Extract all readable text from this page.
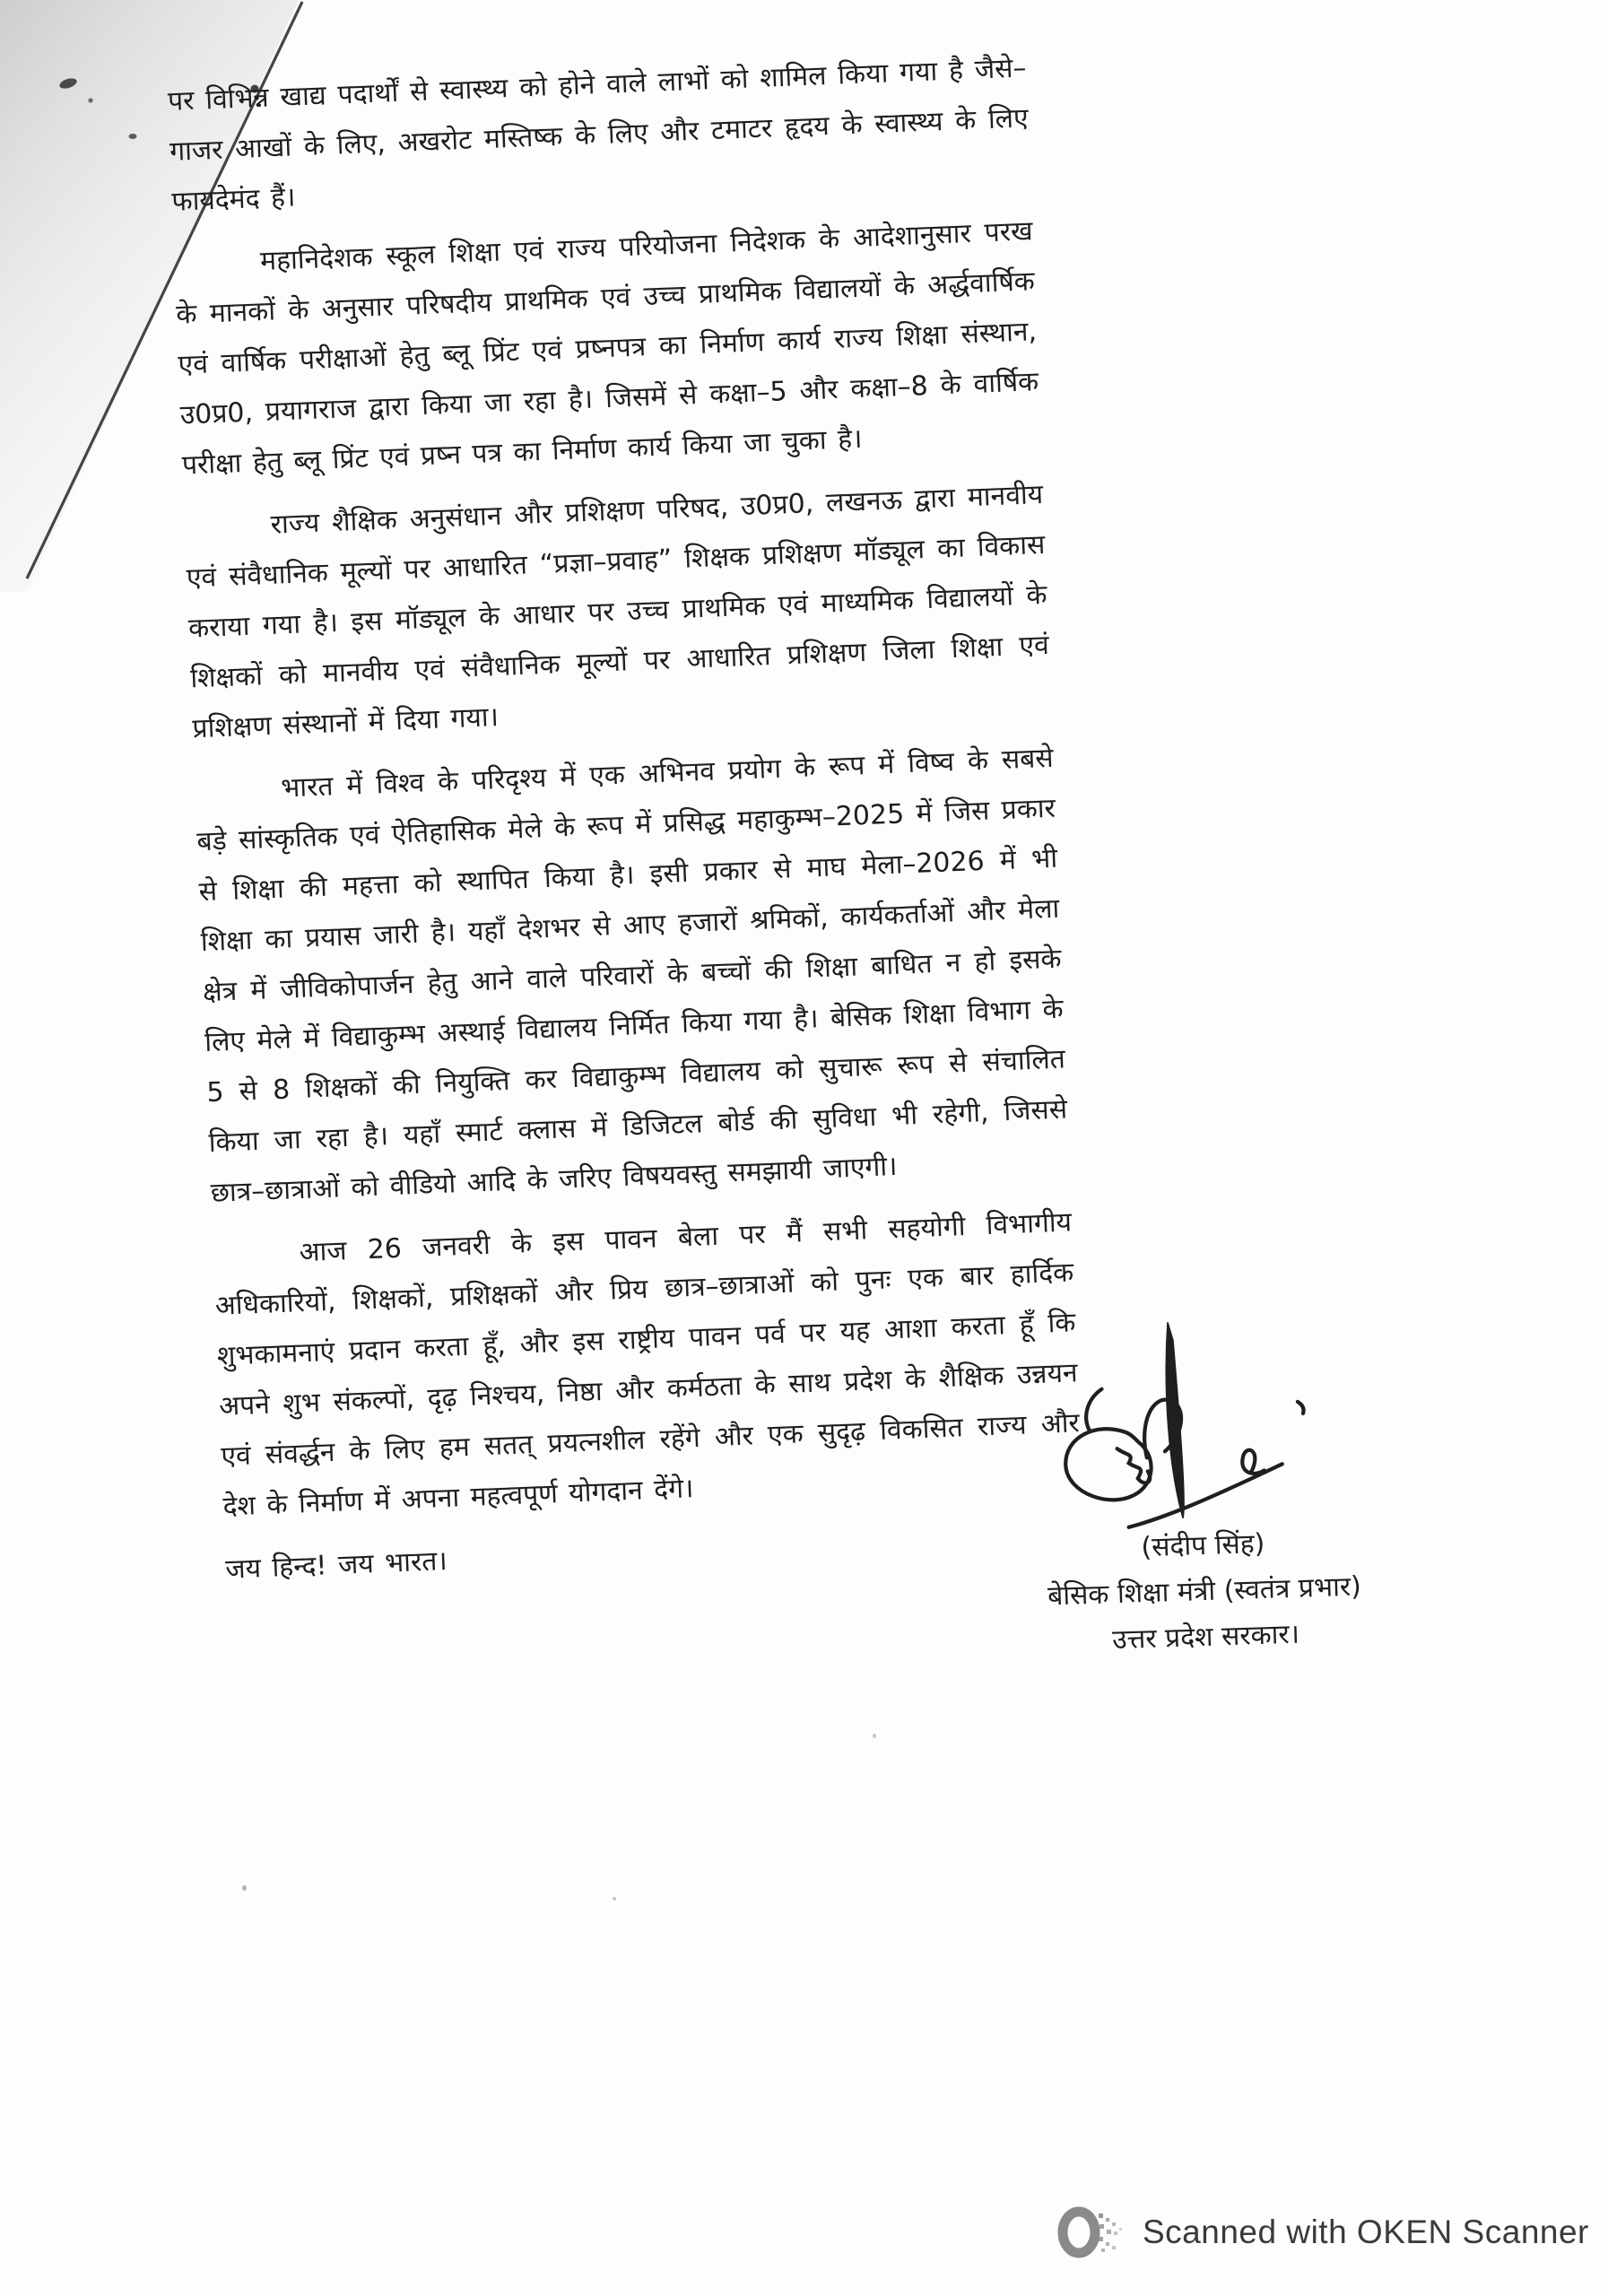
पर विभिन्न खाद्य पदार्थों से स्वास्थ्य को होने वाले लाभों को शामिल किया गया है जैसे– गाजर आखों के लिए, अखरोट मस्तिष्क के लिए और टमाटर हृदय के स्वास्थ्य के लिए फायदेमंद हैं।

महानिदेशक स्कूल शिक्षा एवं राज्य परियोजना निदेशक के आदेशानुसार परख के मानकों के अनुसार परिषदीय प्राथमिक एवं उच्च प्राथमिक विद्यालयों के अर्द्धवार्षिक एवं वार्षिक परीक्षाओं हेतु ब्लू प्रिंट एवं प्रष्नपत्र का निर्माण कार्य राज्य शिक्षा संस्थान, उ0प्र0, प्रयागराज द्वारा किया जा रहा है। जिसमें से कक्षा–5 और कक्षा–8 के वार्षिक परीक्षा हेतु ब्लू प्रिंट एवं प्रष्न पत्र का निर्माण कार्य किया जा चुका है।

राज्य शैक्षिक अनुसंधान और प्रशिक्षण परिषद, उ0प्र0, लखनऊ द्वारा मानवीय एवं संवैधानिक मूल्यों पर आधारित “प्रज्ञा–प्रवाह” शिक्षक प्रशिक्षण मॉड्यूल का विकास कराया गया है। इस मॉड्यूल के आधार पर उच्च प्राथमिक एवं माध्यमिक विद्यालयों के शिक्षकों को मानवीय एवं संवैधानिक मूल्यों पर आधारित प्रशिक्षण जिला शिक्षा एवं प्रशिक्षण संस्थानों में दिया गया।

भारत में विश्व के परिदृश्य में एक अभिनव प्रयोग के रूप में विष्व के सबसे बड़े सांस्कृतिक एवं ऐतिहासिक मेले के रूप में प्रसिद्ध महाकुम्भ–2025 में जिस प्रकार से शिक्षा की महत्ता को स्थापित किया है। इसी प्रकार से माघ मेला–2026 में भी शिक्षा का प्रयास जारी है। यहाँ देशभर से आए हजारों श्रमिकों, कार्यकर्ताओं और मेला क्षेत्र में जीविकोपार्जन हेतु आने वाले परिवारों के बच्चों की शिक्षा बाधित न हो इसके लिए मेले में विद्याकुम्भ अस्थाई विद्यालय निर्मित किया गया है। बेसिक शिक्षा विभाग के 5 से 8 शिक्षकों की नियुक्ति कर विद्याकुम्भ विद्यालय को सुचारू रूप से संचालित किया जा रहा है। यहाँ स्मार्ट क्लास में डिजिटल बोर्ड की सुविधा भी रहेगी, जिससे छात्र–छात्राओं को वीडियो आदि के जरिए विषयवस्तु समझायी जाएगी।

आज 26 जनवरी के इस पावन बेला पर मैं सभी सहयोगी विभागीय अधिकारियों, शिक्षकों, प्रशिक्षकों और प्रिय छात्र–छात्राओं को पुनः एक बार हार्दिक शुभकामनाएं प्रदान करता हूँ, और इस राष्ट्रीय पावन पर्व पर यह आशा करता हूँ कि अपने शुभ संकल्पों, दृढ़ निश्चय, निष्ठा और कर्मठता के साथ प्रदेश के शैक्षिक उन्नयन एवं संवर्द्धन के लिए हम सतत् प्रयत्नशील रहेंगे और एक सुदृढ़ विकसित राज्य और देश के निर्माण में अपना महत्वपूर्ण योगदान देंगे।

जय हिन्द! जय भारत।	(संदीप सिंह)
बेसिक शिक्षा मंत्री (स्वतंत्र प्रभार)
उत्तर प्रदेश सरकार।
Scanned with OKEN Scanner
